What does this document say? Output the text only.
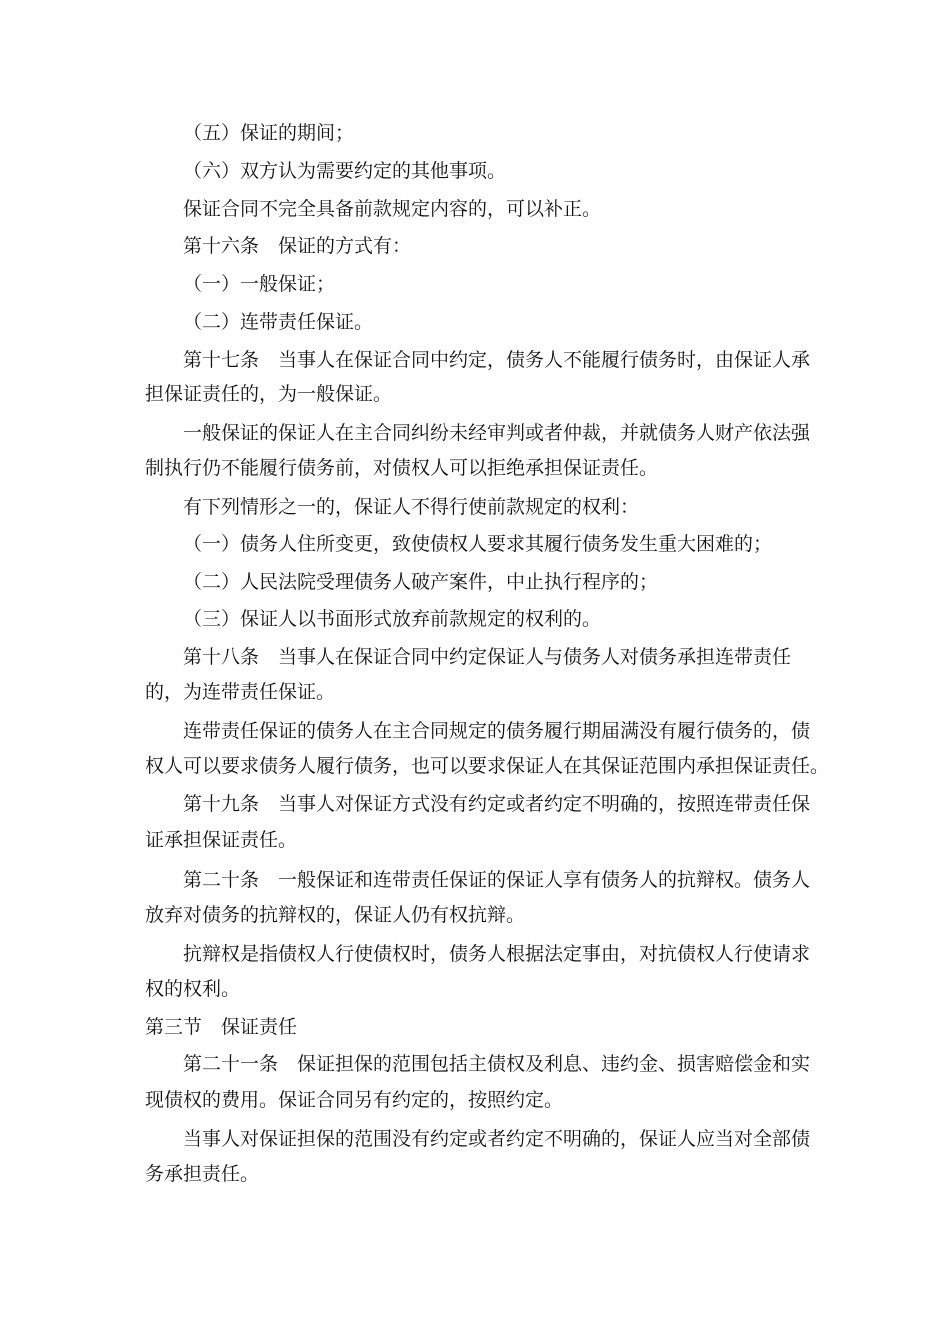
（五）保证的期间；
（六）双方认为需要约定的其他事项。
保证合同不完全具备前款规定内容的，可以补正。
第十六条　保证的方式有：
（一）一般保证；
（二）连带责任保证。
第十七条　当事人在保证合同中约定，债务人不能履行债务时，由保证人承
担保证责任的，为一般保证。
一般保证的保证人在主合同纠纷未经审判或者仲裁，并就债务人财产依法强
制执行仍不能履行债务前，对债权人可以拒绝承担保证责任。
有下列情形之一的，保证人不得行使前款规定的权利：
（一）债务人住所变更，致使债权人要求其履行债务发生重大困难的；
（二）人民法院受理债务人破产案件，中止执行程序的；
（三）保证人以书面形式放弃前款规定的权利的。
第十八条　当事人在保证合同中约定保证人与债务人对债务承担连带责任
的，为连带责任保证。
连带责任保证的债务人在主合同规定的债务履行期届满没有履行债务的，债
权人可以要求债务人履行债务，也可以要求保证人在其保证范围内承担保证责任。
第十九条　当事人对保证方式没有约定或者约定不明确的，按照连带责任保
证承担保证责任。
第二十条　一般保证和连带责任保证的保证人享有债务人的抗辩权。债务人
放弃对债务的抗辩权的，保证人仍有权抗辩。
抗辩权是指债权人行使债权时，债务人根据法定事由，对抗债权人行使请求
权的权利。
第三节　保证责任
第二十一条　保证担保的范围包括主债权及利息、违约金、损害赔偿金和实
现债权的费用。保证合同另有约定的，按照约定。
当事人对保证担保的范围没有约定或者约定不明确的，保证人应当对全部债
务承担责任。
